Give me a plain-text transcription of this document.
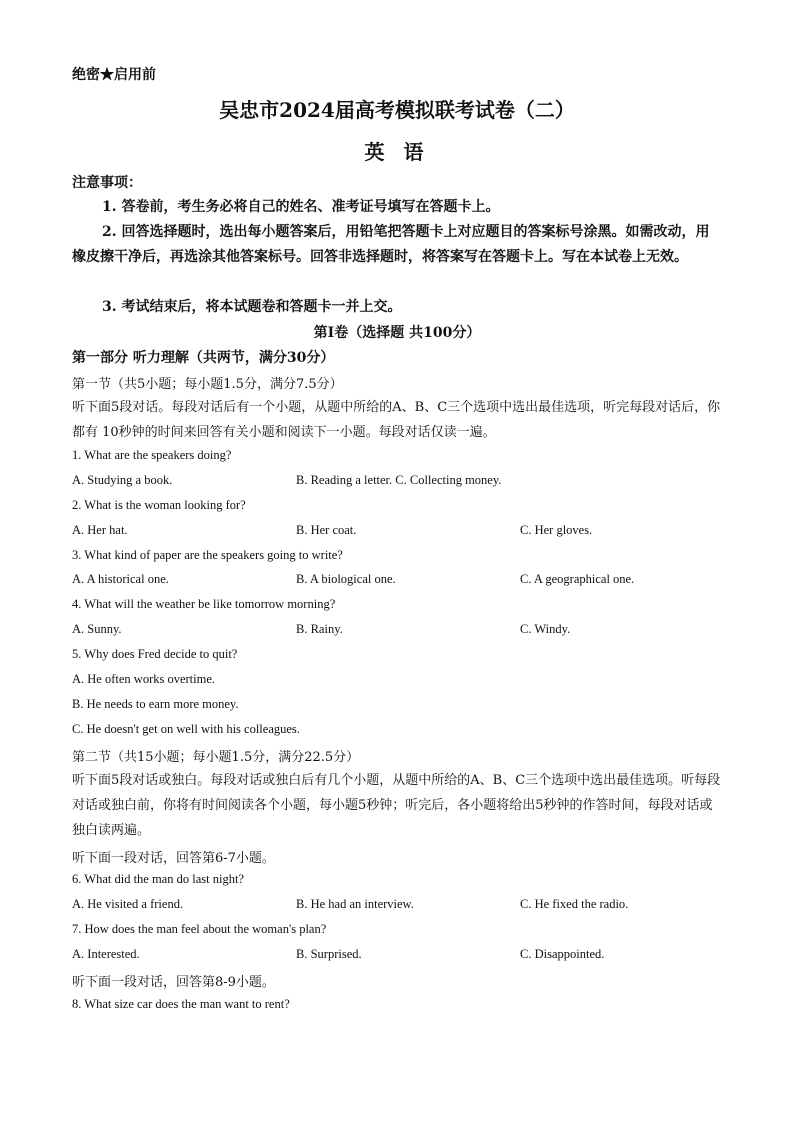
绝密★启用前
吴忠市2024届高考模拟联考试卷（二）
英 语
注意事项：
1. 答卷前，考生务必将自己的姓名、准考证号填写在答题卡上。
2. 回答选择题时，选出每小题答案后，用铅笔把答题卡上对应题目的答案标号涂黑。如需改动，用橡皮擦干净后，再选涂其他答案标号。回答非选择题时，将答案写在答题卡上。写在本试卷上无效。
3. 考试结束后，将本试题卷和答题卡一并上交。
第Ⅰ卷（选择题 共100分）
第一部分 听力理解（共两节，满分30分）
第一节（共5小题；每小题1.5分，满分7.5分）
听下面5段对话。每段对话后有一个小题，从题中所给的A、B、C三个选项中选出最佳选项，听完每段对话后，你都有 10秒钟的时间来回答有关小题和阅读下一小题。每段对话仅读一遍。
1. What are the speakers doing?
A. Studying a book.	B. Reading a letter. C. Collecting money.
2. What is the woman looking for?
A. Her hat.	B. Her coat.	C. Her gloves.
3. What kind of paper are the speakers going to write?
A. A historical one.	B. A biological one.	C. A geographical one.
4. What will the weather be like tomorrow morning?
A. Sunny.	B. Rainy.	C. Windy.
5. Why does Fred decide to quit?
A. He often works overtime.
B. He needs to earn more money.
C. He doesn't get on well with his colleagues.
第二节（共15小题；每小题1.5分，满分22.5分）
听下面5段对话或独白。每段对话或独白后有几个小题，从题中所给的A、B、C三个选项中选出最佳选项。听每段对话或独白前，你将有时间阅读各个小题，每小题5秒钟；听完后，各小题将给出5秒钟的作答时间，每段对话或独白读两遍。
听下面一段对话，回答第6-7小题。
6. What did the man do last night?
A. He visited a friend.	B. He had an interview.	C. He fixed the radio.
7. How does the man feel about the woman's plan?
A. Interested.	B. Surprised.	C. Disappointed.
听下面一段对话，回答第8-9小题。
8. What size car does the man want to rent?
